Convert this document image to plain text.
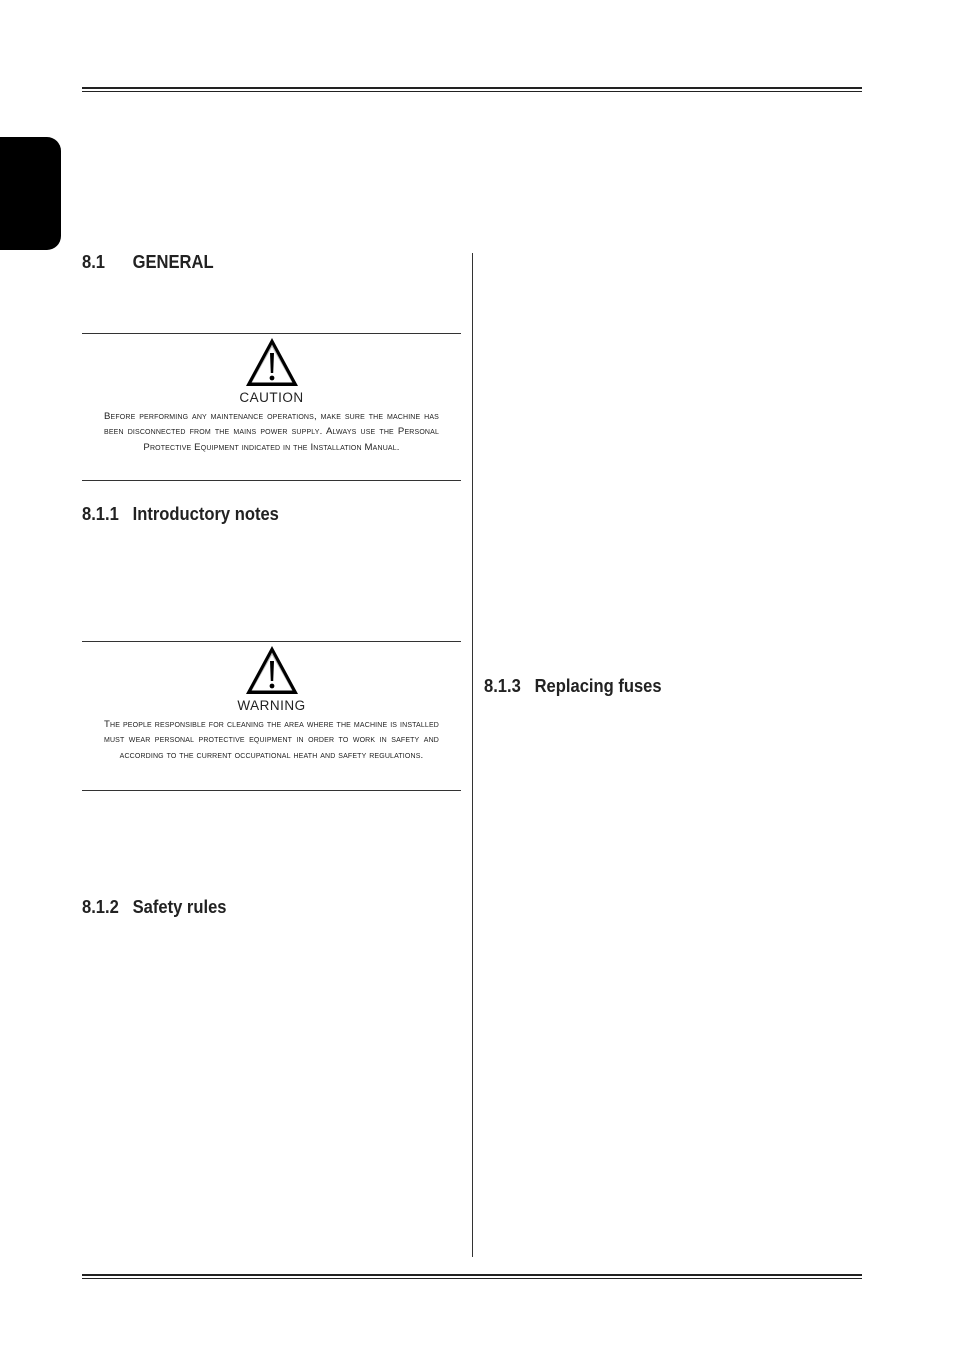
8.1 GENERAL
CAUTION
Before performing any maintenance operations, make sure the machine has been disconnected from the mains power supply. Always use the Personal Protective Equipment indicated in the Installation Manual.
8.1.1 Introductory notes
WARNING
The people responsible for cleaning the area where the machine is installed must wear personal protective equipment in order to work in safety and according to the current occupational heath and safety regulations.
8.1.2 Safety rules
8.1.3 Replacing fuses
